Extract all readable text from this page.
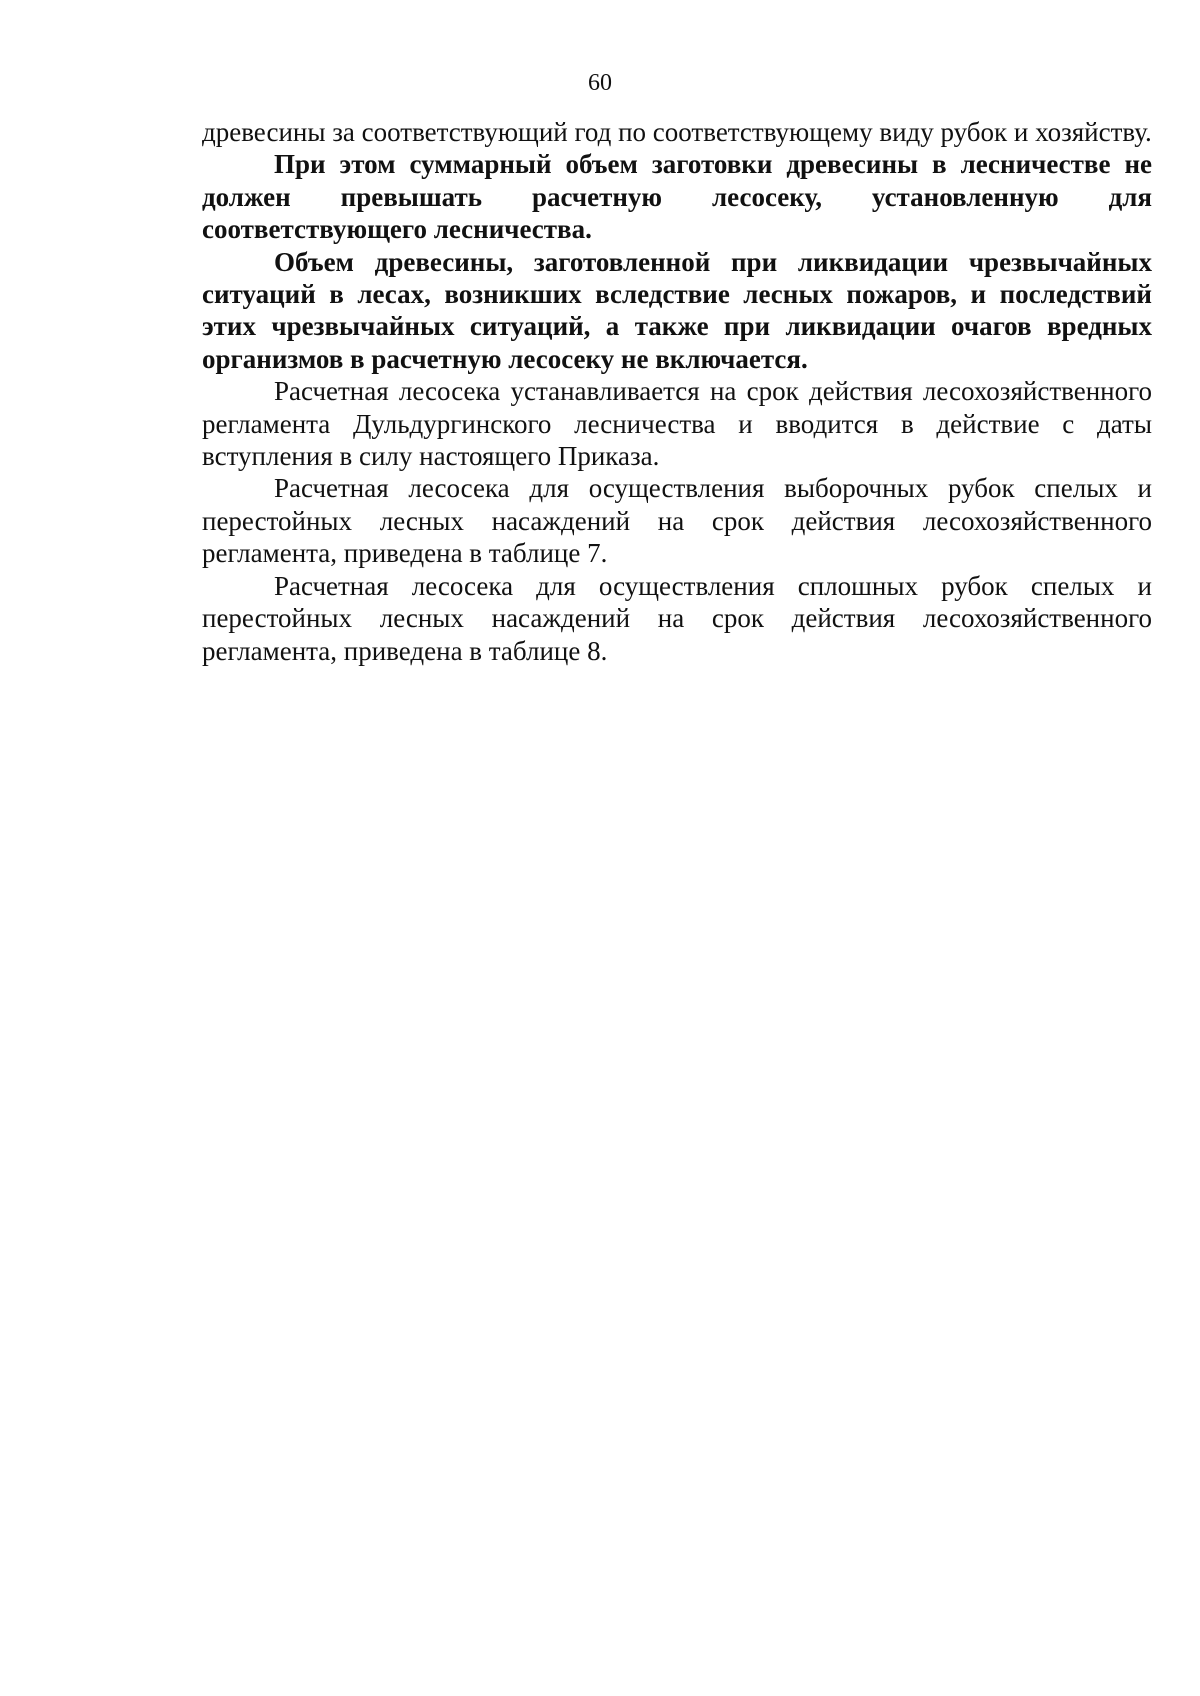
60

древесины за соответствующий год по соответствующему виду рубок и хозяйству.

При этом суммарный объем заготовки древесины в лесничестве не должен превышать расчетную лесосеку, установленную для соответствующего лесничества.

Объем древесины, заготовленной при ликвидации чрезвычайных ситуаций в лесах, возникших вследствие лесных пожаров, и последствий этих чрезвычайных ситуаций, а также при ликвидации очагов вредных организмов в расчетную лесосеку не включается.

Расчетная лесосека устанавливается на срок действия лесохозяйственного регламента Дульдургинского лесничества и вводится в действие с даты вступления в силу настоящего Приказа.

Расчетная лесосека для осуществления выборочных рубок спелых и перестойных лесных насаждений на срок действия лесохозяйственного регламента, приведена в таблице 7.

Расчетная лесосека для осуществления сплошных рубок спелых и перестойных лесных насаждений на срок действия лесохозяйственного регламента, приведена в таблице 8.
